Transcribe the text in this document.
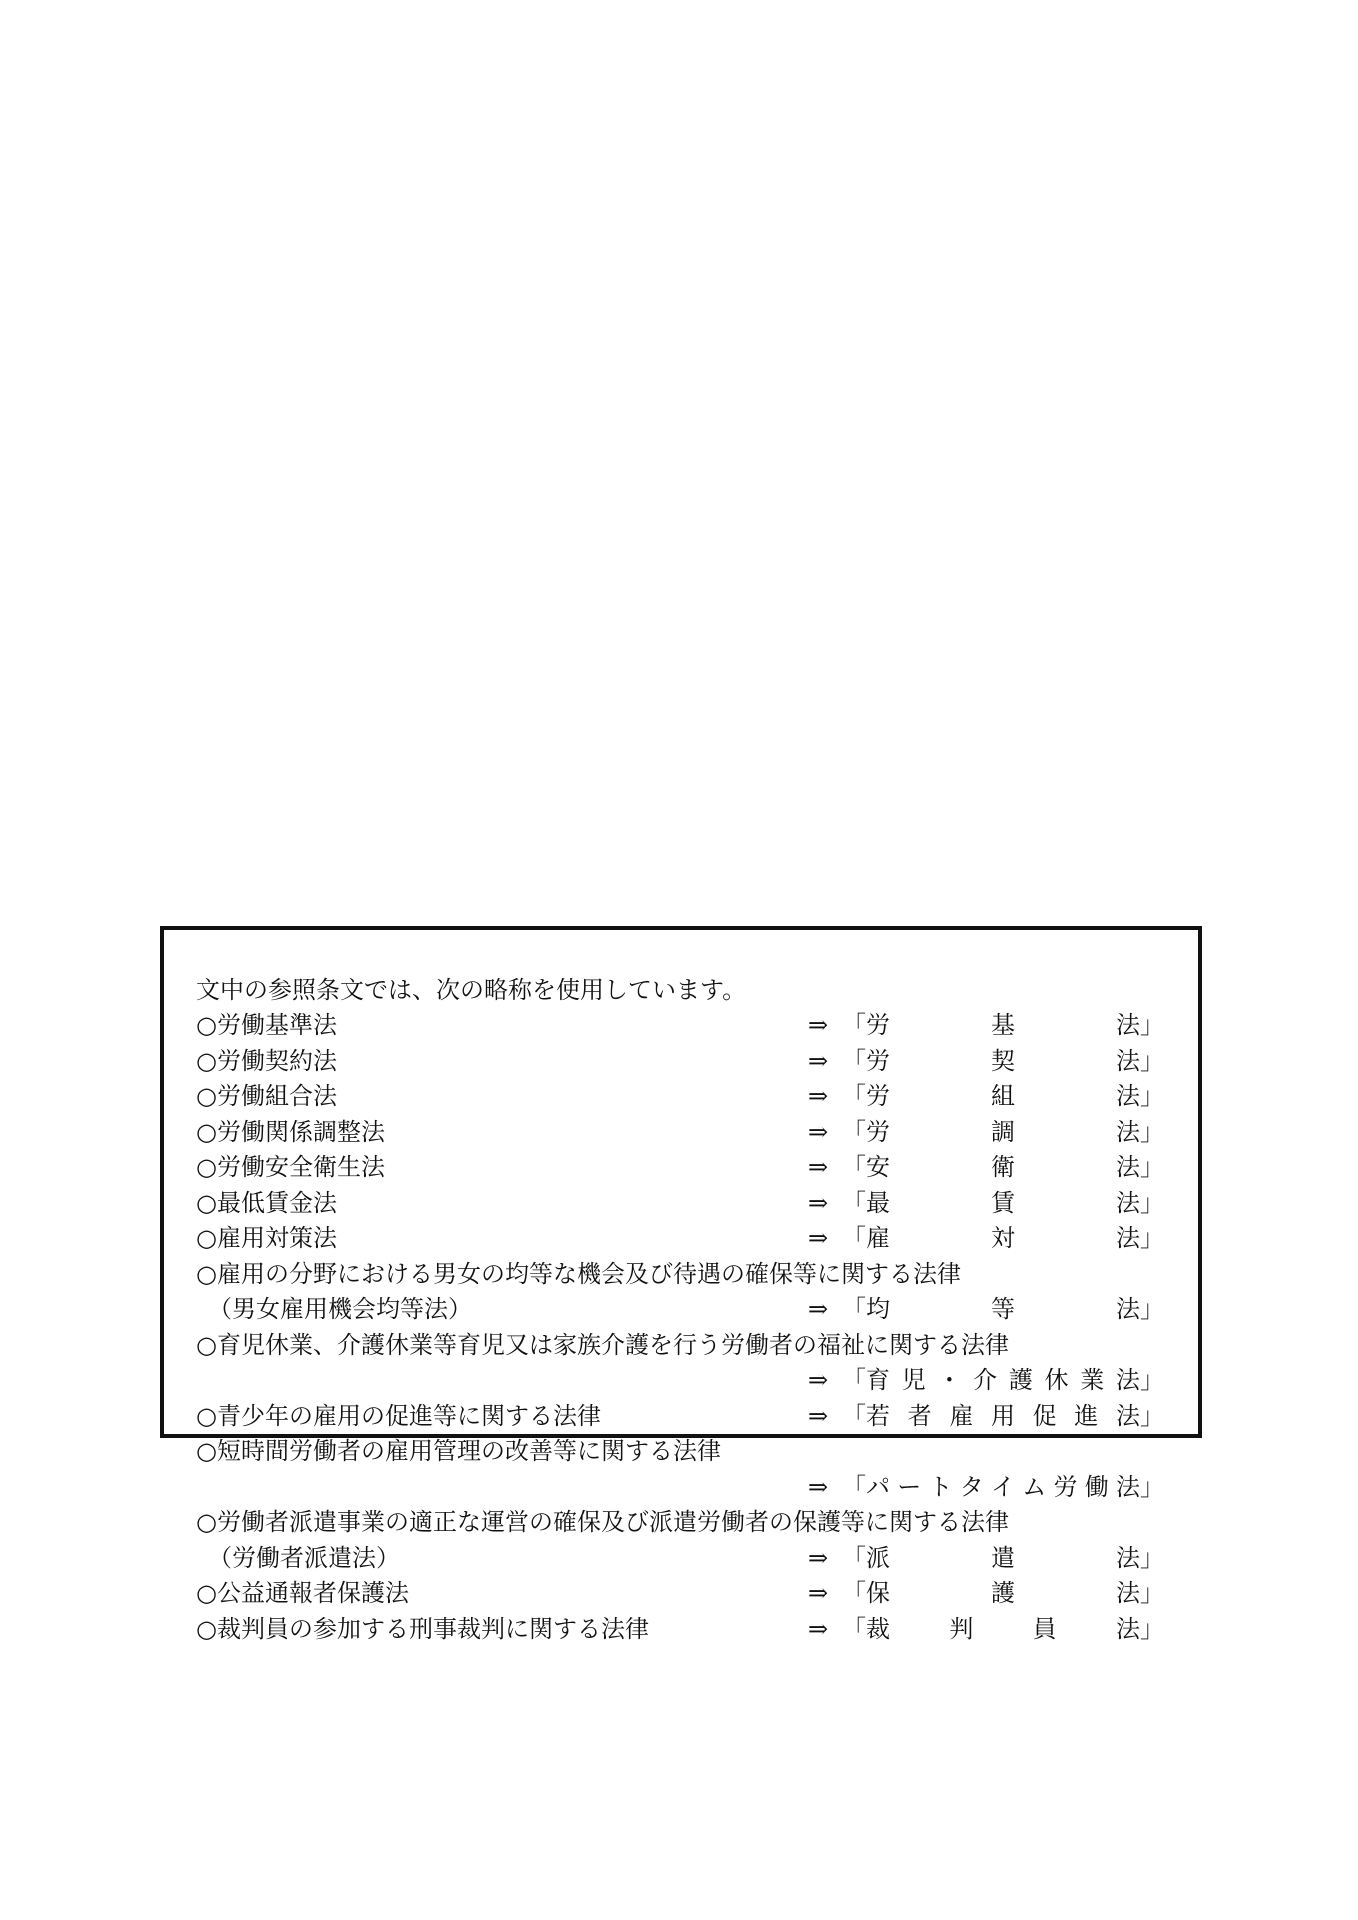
文中の参照条文では、次の略称を使用しています。
○労働基準法	⇒ 「 労	基	法 」
○労働契約法	⇒ 「 労	契	法 」
○労働組合法	⇒ 「 労	組	法 」
○労働関係調整法	⇒ 「 労	調	法 」
○労働安全衛生法	⇒ 「 安	衛	法 」
○最低賃金法	⇒ 「 最	賃	法 」
○雇用対策法	⇒ 「 雇	対	法 」
○雇用の分野における男女の均等な機会及び待遇の確保等に関する法律
（男女雇用機会均等法）	⇒ 「 均	等	法 」
○育児休業、介護休業等育児又は家族介護を行う労働者の福祉に関する法律
⇒ 「 育 児 ・ 介 護 休 業 法 」
○青少年の雇用の促進等に関する法律	⇒ 「 若 者 雇 用 促 進 法 」
○短時間労働者の雇用管理の改善等に関する法律
⇒ 「 パ ー ト タ イ ム 労 働 法 」
○労働者派遣事業の適正な運営の確保及び派遣労働者の保護等に関する法律
（労働者派遣法）	⇒ 「 派	遣	法 」
○公益通報者保護法	⇒ 「 保	護	法 」
○裁判員の参加する刑事裁判に関する法律	⇒ 「 裁 判 員 法 」
